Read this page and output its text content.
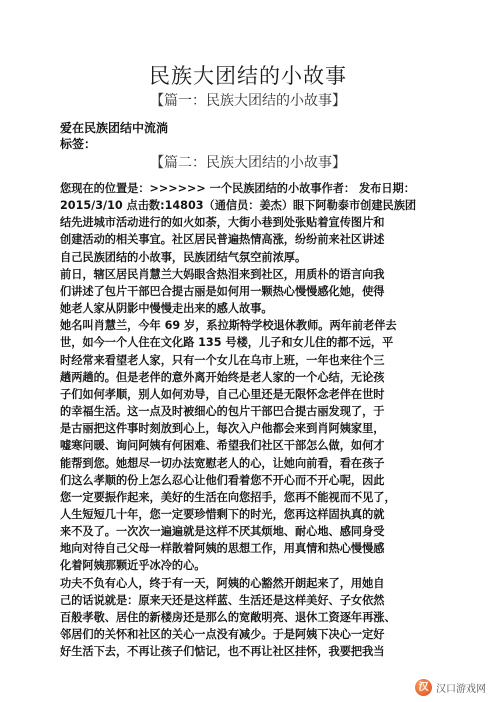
民族大团结的小故事
【篇一：民族大团结的小故事】
爱在民族团结中流淌
标签：
【篇二：民族大团结的小故事】
您现在的位置是：>>>>>> 一个民族团结的小故事作者： 发布日期：
2015/3/10 点击数:14803（通信员：姜杰）眼下阿勒泰市创建民族团
结先进城市活动进行的如火如荼，大街小巷到处张贴着宣传图片和
创建活动的相关事宜。社区居民普遍热情高涨，纷纷前来社区讲述
自己民族团结的小故事，民族团结气氛空前浓厚。
前日，辖区居民肖慧兰大妈眼含热泪来到社区，用质朴的语言向我
们讲述了包片干部巴合提古丽是如何用一颗热心慢慢感化她，使得
她老人家从阴影中慢慢走出来的感人故事。
她名叫肖慧兰，今年 69 岁，系拉斯特学校退休教师。两年前老伴去
世，如今一个人住在文化路 135 号楼，儿子和女儿住的都不远，平
时经常来看望老人家，只有一个女儿在乌市上班，一年也来往个三
趟两趟的。但是老伴的意外离开始终是老人家的一个心结，无论孩
子们如何孝顺，别人如何劝导，自己心里还是无限怀念老伴在世时
的幸福生活。这一点及时被细心的包片干部巴合提古丽发现了，于
是古丽把这件事时刻放到心上，每次入户他都会来到肖阿姨家里，
嘘寒问暖、询问阿姨有何困难、希望我们社区干部怎么做，如何才
能帮到您。她想尽一切办法宽慰老人的心，让她向前看，看在孩子
们这么孝顺的份上怎么忍心让他们看着您不开心而不开心呢，因此
您一定要振作起来，美好的生活在向您招手，您再不能视而不见了，
人生短短几十年，您一定要珍惜剩下的时光，您再这样固执真的就
来不及了。一次次一遍遍就是这样不厌其烦地、耐心地、感同身受
地向对待自己父母一样散着阿姨的思想工作，用真情和热心慢慢感
化着阿姨那颗近乎冰冷的心。
功夫不负有心人，终于有一天，阿姨的心豁然开朗起来了，用她自
己的话说就是：原来天还是这样蓝、生活还是这样美好、子女依然
百般孝敬、居住的新楼房还是那么的宽敞明亮、退休工资逐年再涨、
邻居们的关怀和社区的关心一点没有减少。于是阿姨下决心一定好
好生活下去，不再让孩子们惦记，也不再让社区挂怀，我要把我当
汉 汉口游戏网
